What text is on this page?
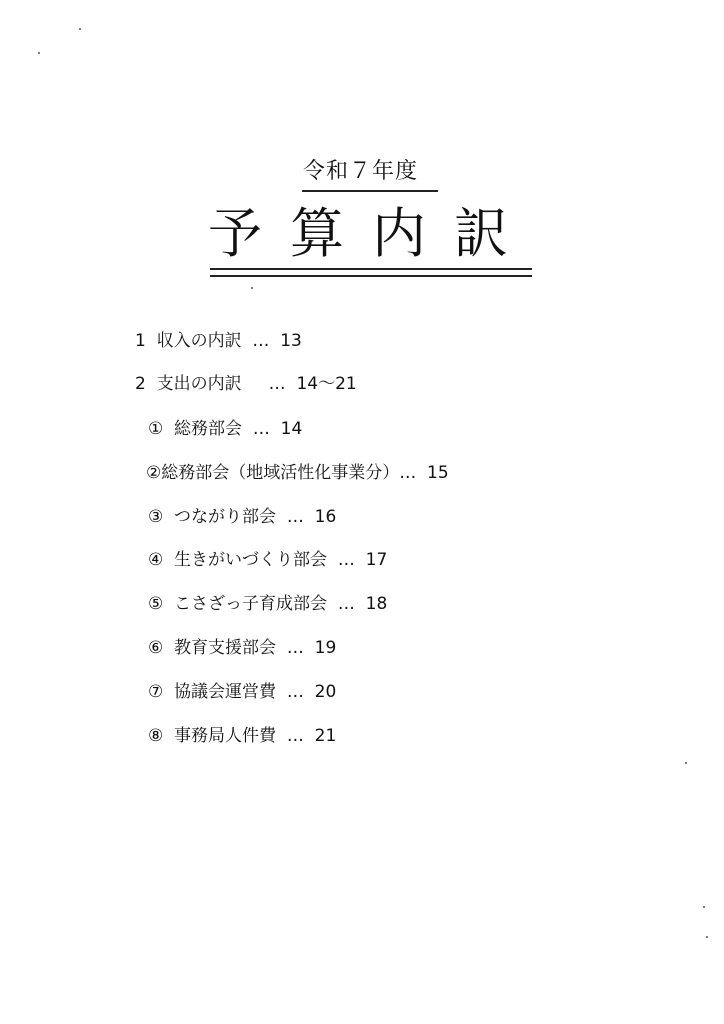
令和７年度
予算内訳
1  収入の内訳  …  13
2  支出の内訳     …  14～21
①  総務部会  …  14
②総務部会（地域活性化事業分）…  15
③  つながり部会  …  16
④  生きがいづくり部会  …  17
⑤  こさざっ子育成部会  …  18
⑥  教育支援部会  …  19
⑦  協議会運営費  …  20
⑧  事務局人件費  …  21
